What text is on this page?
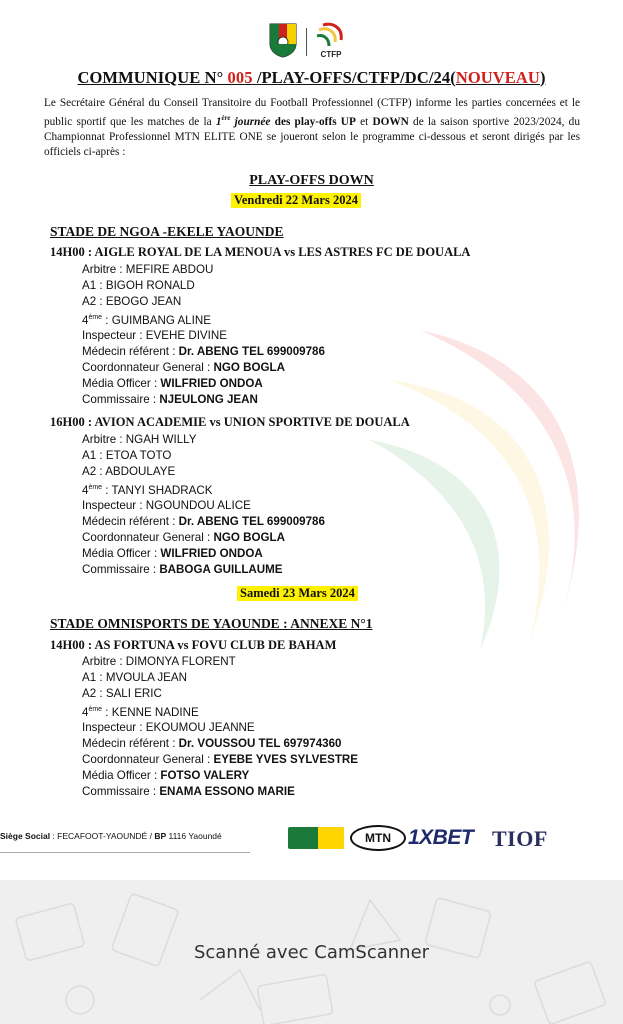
CTFP
COMMUNIQUE N° 005 /PLAY-OFFS/CTFP/DC/24(NOUVEAU)
Le Secrétaire Général du Conseil Transitoire du Football Professionnel (CTFP) informe les parties concernées et le public sportif que les matches de la 1ère journée des play-offs UP et DOWN de la saison sportive 2023/2024, du Championnat Professionnel MTN ELITE ONE se joueront selon le programme ci-dessous et seront dirigés par les officiels ci-après :
PLAY-OFFS DOWN
Vendredi 22 Mars 2024
STADE DE NGOA -EKELE YAOUNDE
14H00 : AIGLE ROYAL DE LA MENOUA vs LES ASTRES FC DE DOUALA
Arbitre : MEFIRE ABDOU
A1 : BIGOH RONALD
A2 : EBOGO JEAN
4ème : GUIMBANG ALINE
Inspecteur : EVEHE DIVINE
Médecin référent : Dr. ABENG TEL 699009786
Coordonnateur General : NGO BOGLA
Média Officer : WILFRIED ONDOA
Commissaire : NJEULONG JEAN
16H00 : AVION ACADEMIE vs UNION SPORTIVE DE DOUALA
Arbitre : NGAH WILLY
A1 : ETOA TOTO
A2 : ABDOULAYE
4ème : TANYI SHADRACK
Inspecteur : NGOUNDOU ALICE
Médecin référent : Dr. ABENG TEL 699009786
Coordonnateur General : NGO BOGLA
Média Officer : WILFRIED ONDOA
Commissaire : BABOGA GUILLAUME
Samedi 23 Mars 2024
STADE OMNISPORTS DE YAOUNDE : ANNEXE N°1
14H00 : AS FORTUNA vs FOVU CLUB DE BAHAM
Arbitre : DIMONYA FLORENT
A1 : MVOULA JEAN
A2 : SALI ERIC
4ème : KENNE NADINE
Inspecteur : EKOUMOU JEANNE
Médecin référent : Dr. VOUSSOU TEL 697974360
Coordonnateur General : EYEBE YVES SYLVESTRE
Média Officer : FOTSO VALERY
Commissaire : ENAMA ESSONO MARIE
Siège Social : FECAFOOT-YAOUNDÉ / BP 1116 Yaoundé	MTN 1XBET TIOF
Scanné avec CamScanner
